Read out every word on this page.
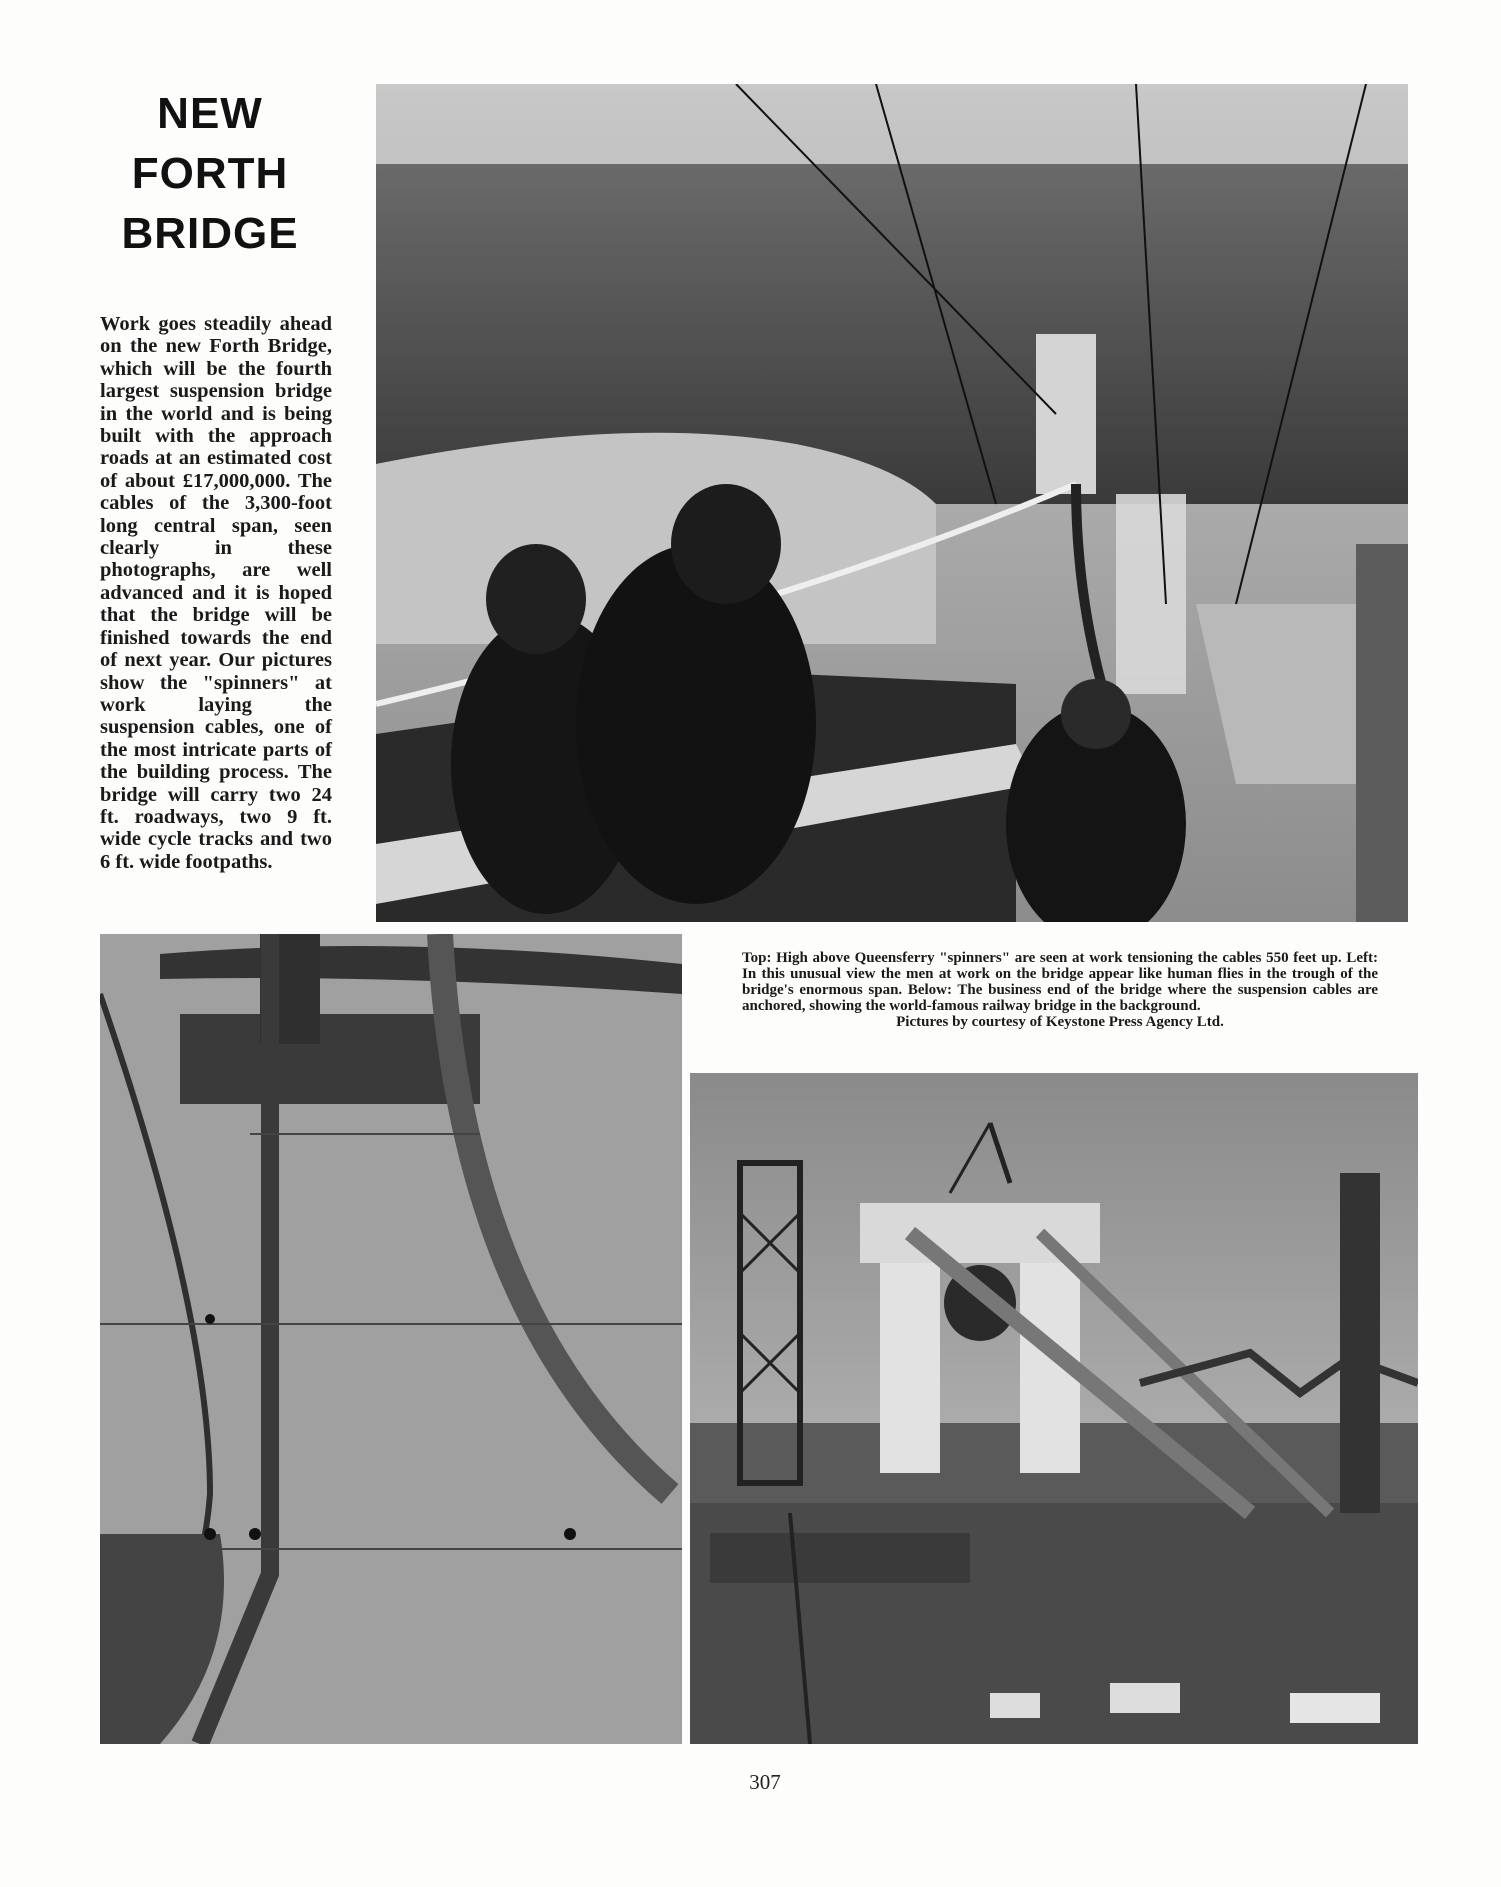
NEW
FORTH
BRIDGE
Work goes steadily ahead on the new Forth Bridge, which will be the fourth largest suspension bridge in the world and is being built with the approach roads at an estimated cost of about £17,000,000. The cables of the 3,300-foot long central span, seen clearly in these photographs, are well advanced and it is hoped that the bridge will be finished towards the end of next year. Our pictures show the "spinners" at work laying the suspension cables, one of the most intricate parts of the building process. The bridge will carry two 24 ft. roadways, two 9 ft. wide cycle tracks and two 6 ft. wide footpaths.
Top: High above Queensferry "spinners" are seen at work tensioning the cables 550 feet up. Left: In this unusual view the men at work on the bridge appear like human flies in the trough of the bridge's enormous span. Below: The business end of the bridge where the suspension cables are anchored, showing the world-famous railway bridge in the background.
Pictures by courtesy of Keystone Press Agency Ltd.
307
